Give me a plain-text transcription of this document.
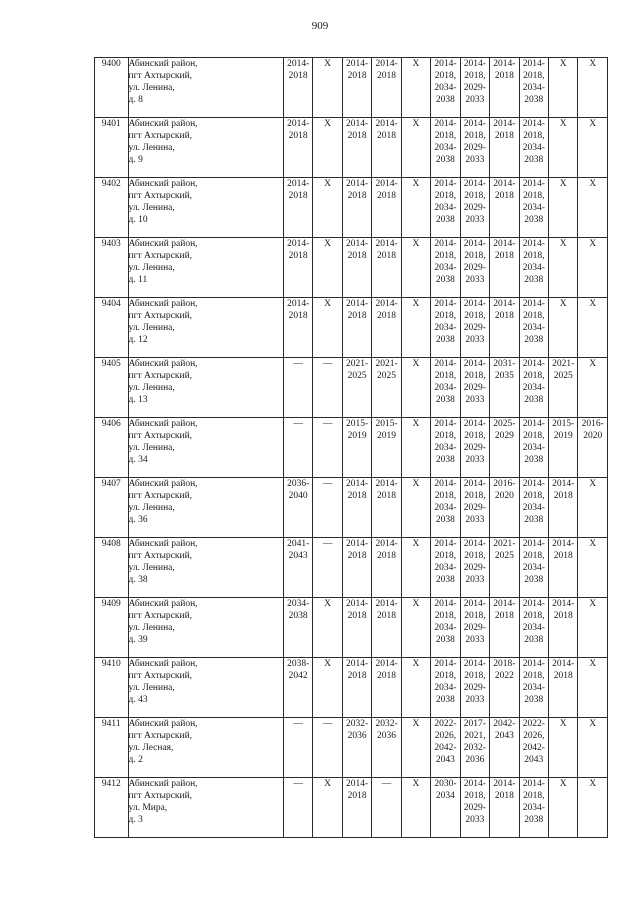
909
9400	Абинский район,
пгт Ахтырский,
ул. Ленина,
д. 8	2014-
2018	X	2014-
2018	2014-
2018	X	2014-
2018,
2034-
2038	2014-
2018,
2029-
2033	2014-
2018	2014-
2018,
2034-
2038	X	X

9401	Абинский район,
пгт Ахтырский,
ул. Ленина,
д. 9	2014-
2018	X	2014-
2018	2014-
2018	X	2014-
2018,
2034-
2038	2014-
2018,
2029-
2033	2014-
2018	2014-
2018,
2034-
2038	X	X

9402	Абинский район,
пгт Ахтырский,
ул. Ленина,
д. 10	2014-
2018	X	2014-
2018	2014-
2018	X	2014-
2018,
2034-
2038	2014-
2018,
2029-
2033	2014-
2018	2014-
2018,
2034-
2038	X	X

9403	Абинский район,
пгт Ахтырский,
ул. Ленина,
д. 11	2014-
2018	X	2014-
2018	2014-
2018	X	2014-
2018,
2034-
2038	2014-
2018,
2029-
2033	2014-
2018	2014-
2018,
2034-
2038	X	X

9404	Абинский район,
пгт Ахтырский,
ул. Ленина,
д. 12	2014-
2018	X	2014-
2018	2014-
2018	X	2014-
2018,
2034-
2038	2014-
2018,
2029-
2033	2014-
2018	2014-
2018,
2034-
2038	X	X

9405	Абинский район,
пгт Ахтырский,
ул. Ленина,
д. 13	—	—	2021-
2025	2021-
2025	X	2014-
2018,
2034-
2038	2014-
2018,
2029-
2033	2031-
2035	2014-
2018,
2034-
2038	2021-
2025	X

9406	Абинский район,
пгт Ахтырский,
ул. Ленина,
д. 34	—	—	2015-
2019	2015-
2019	X	2014-
2018,
2034-
2038	2014-
2018,
2029-
2033	2025-
2029	2014-
2018,
2034-
2038	2015-
2019	2016-
2020

9407	Абинский район,
пгт Ахтырский,
ул. Ленина,
д. 36	2036-
2040	—	2014-
2018	2014-
2018	X	2014-
2018,
2034-
2038	2014-
2018,
2029-
2033	2016-
2020	2014-
2018,
2034-
2038	2014-
2018	X

9408	Абинский район,
пгт Ахтырский,
ул. Ленина,
д. 38	2041-
2043	—	2014-
2018	2014-
2018	X	2014-
2018,
2034-
2038	2014-
2018,
2029-
2033	2021-
2025	2014-
2018,
2034-
2038	2014-
2018	X

9409	Абинский район,
пгт Ахтырский,
ул. Ленина,
д. 39	2034-
2038	X	2014-
2018	2014-
2018	X	2014-
2018,
2034-
2038	2014-
2018,
2029-
2033	2014-
2018	2014-
2018,
2034-
2038	2014-
2018	X

9410	Абинский район,
пгт Ахтырский,
ул. Ленина,
д. 43	2038-
2042	X	2014-
2018	2014-
2018	X	2014-
2018,
2034-
2038	2014-
2018,
2029-
2033	2018-
2022	2014-
2018,
2034-
2038	2014-
2018	X

9411	Абинский район,
пгт Ахтырский,
ул. Лесная,
д. 2	—	—	2032-
2036	2032-
2036	X	2022-
2026,
2042-
2043	2017-
2021,
2032-
2036	2042-
2043	2022-
2026,
2042-
2043	X	X

9412	Абинский район,
пгт Ахтырский,
ул. Мира,
д. 3	—	X	2014-
2018	—	X	2030-
2034	2014-
2018,
2029-
2033	2014-
2018	2014-
2018,
2034-
2038	X	X
